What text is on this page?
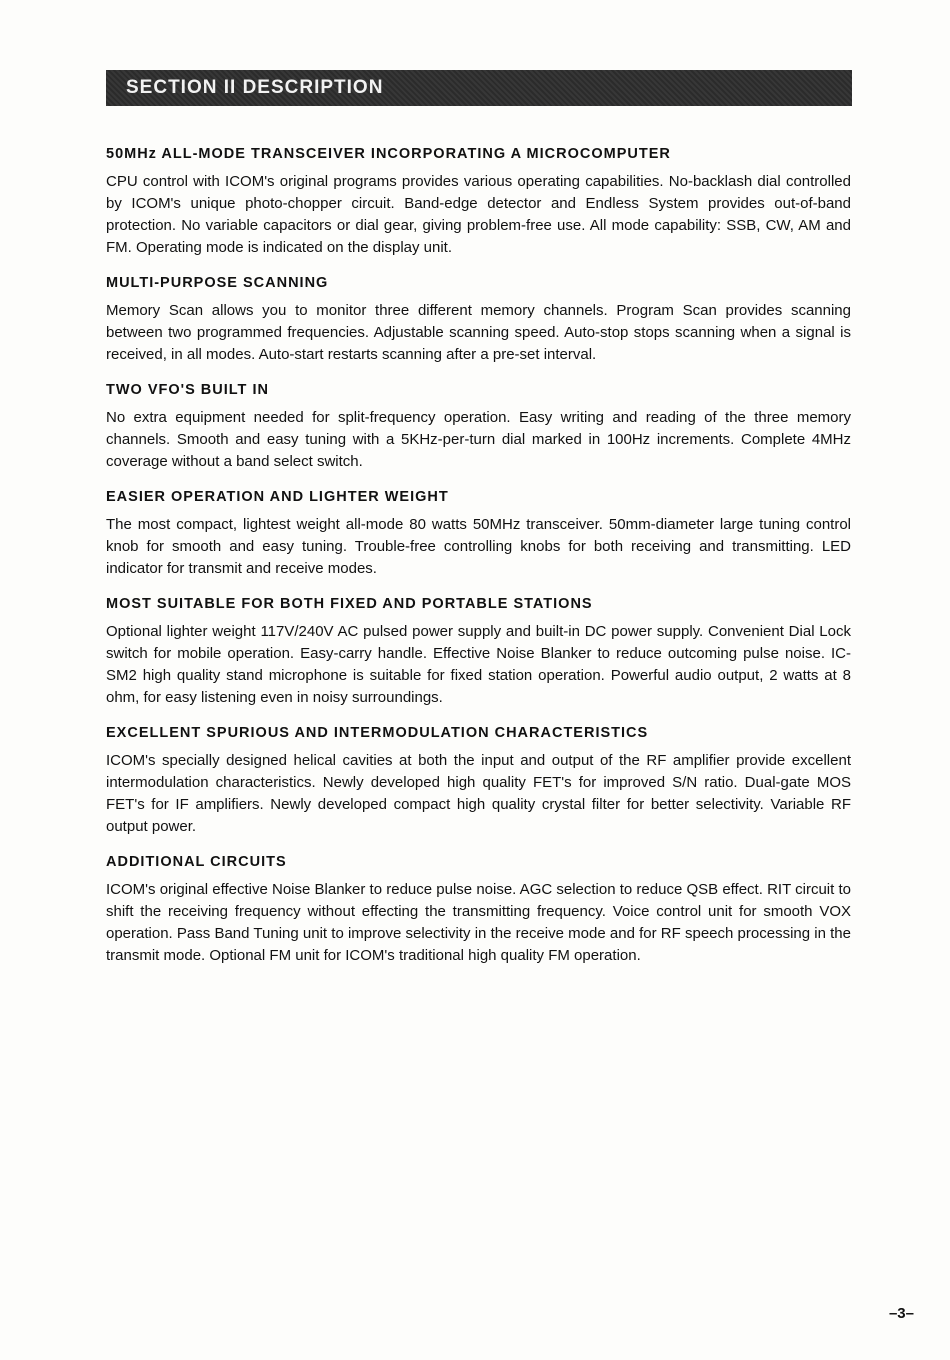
SECTION II DESCRIPTION
50MHz ALL-MODE TRANSCEIVER INCORPORATING A MICROCOMPUTER

CPU control with ICOM's original programs provides various operating capabilities. No-backlash dial controlled by ICOM's unique photo-chopper circuit. Band-edge detector and Endless System provides out-of-band protection. No variable capacitors or dial gear, giving problem-free use. All mode capability: SSB, CW, AM and FM. Operating mode is indicated on the display unit.

MULTI-PURPOSE SCANNING

Memory Scan allows you to monitor three different memory channels. Program Scan provides scanning between two programmed frequencies. Adjustable scanning speed. Auto-stop stops scanning when a signal is received, in all modes. Auto-start restarts scanning after a pre-set interval.

TWO VFO'S BUILT IN

No extra equipment needed for split-frequency operation. Easy writing and reading of the three memory channels. Smooth and easy tuning with a 5KHz-per-turn dial marked in 100Hz increments. Complete 4MHz coverage without a band select switch.

EASIER OPERATION AND LIGHTER WEIGHT

The most compact, lightest weight all-mode 80 watts 50MHz transceiver. 50mm-diameter large tuning control knob for smooth and easy tuning. Trouble-free controlling knobs for both receiving and transmitting. LED indicator for transmit and receive modes.

MOST SUITABLE FOR BOTH FIXED AND PORTABLE STATIONS

Optional lighter weight 117V/240V AC pulsed power supply and built-in DC power supply. Convenient Dial Lock switch for mobile operation. Easy-carry handle. Effective Noise Blanker to reduce outcoming pulse noise. IC-SM2 high quality stand microphone is suitable for fixed station operation. Powerful audio output, 2 watts at 8 ohm, for easy listening even in noisy surroundings.

EXCELLENT SPURIOUS AND INTERMODULATION CHARACTERISTICS

ICOM's specially designed helical cavities at both the input and output of the RF amplifier provide excellent intermodulation characteristics. Newly developed high quality FET's for improved S/N ratio. Dual-gate MOS FET's for IF amplifiers. Newly developed compact high quality crystal filter for better selectivity. Variable RF output power.

ADDITIONAL CIRCUITS

ICOM's original effective Noise Blanker to reduce pulse noise. AGC selection to reduce QSB effect. RIT circuit to shift the receiving frequency without effecting the transmitting frequency. Voice control unit for smooth VOX operation. Pass Band Tuning unit to improve selectivity in the receive mode and for RF speech processing in the transmit mode. Optional FM unit for ICOM's traditional high quality FM operation.

–3–
